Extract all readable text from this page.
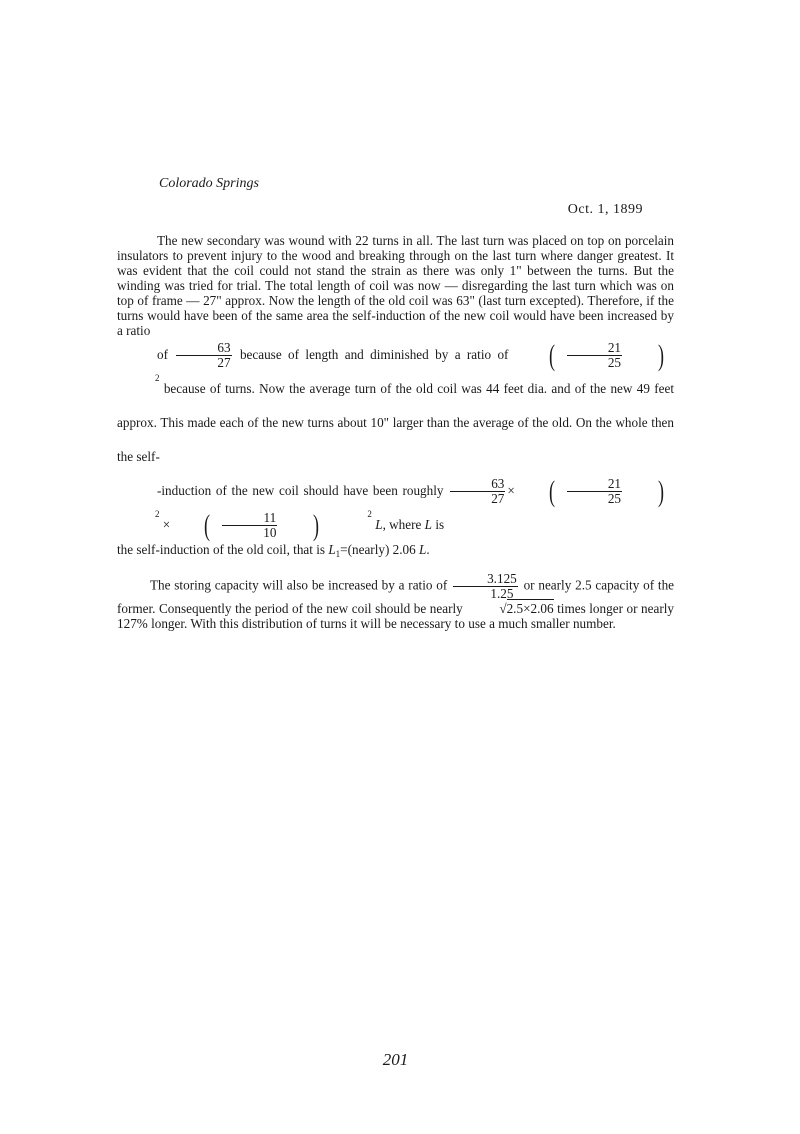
Colorado Springs
Oct. 1, 1899

The new secondary was wound with 22 turns in all. The last turn was placed on top on porcelain insulators to prevent injury to the wood and breaking through on the last turn where danger greatest. It was evident that the coil could not stand the strain as there was only 1" between the turns. But the winding was tried for trial. The total length of coil was now — disregarding the last turn which was on top of frame — 27" approx. Now the length of the old coil was 63" (last turn excepted). Therefore, if the turns would have been of the same area the self-induction of the new coil would have been increased by a ratio
of $\frac{63}{27}$ because of length and diminished by a ratio of ( $\frac{21}{25} )2$ because of turns. Now the average turn of the old coil was 44 feet dia. and of the new 49 feet approx. This made each of the new turns about 10" larger than the average of the old. On the whole then the self-
-induction of the new coil should have been roughly $\frac{63}{27}$ × ( $\frac{21}{25} )2$ × ( $\frac{11}{10}$ )	2 L, where L is
the self-induction of the old coil, that is $L_1=(nearly)$ 2.06 L.

The storing capacity will also be increased by a ratio of $\frac{3.125}{1.25}$ or nearly 2.5 capacity of the former. Consequently the period of the new coil should be nearly	√2.5×2.06 times longer or nearly 127% longer. With this distribution of turns it will be necessary to use a much smaller number.

201
